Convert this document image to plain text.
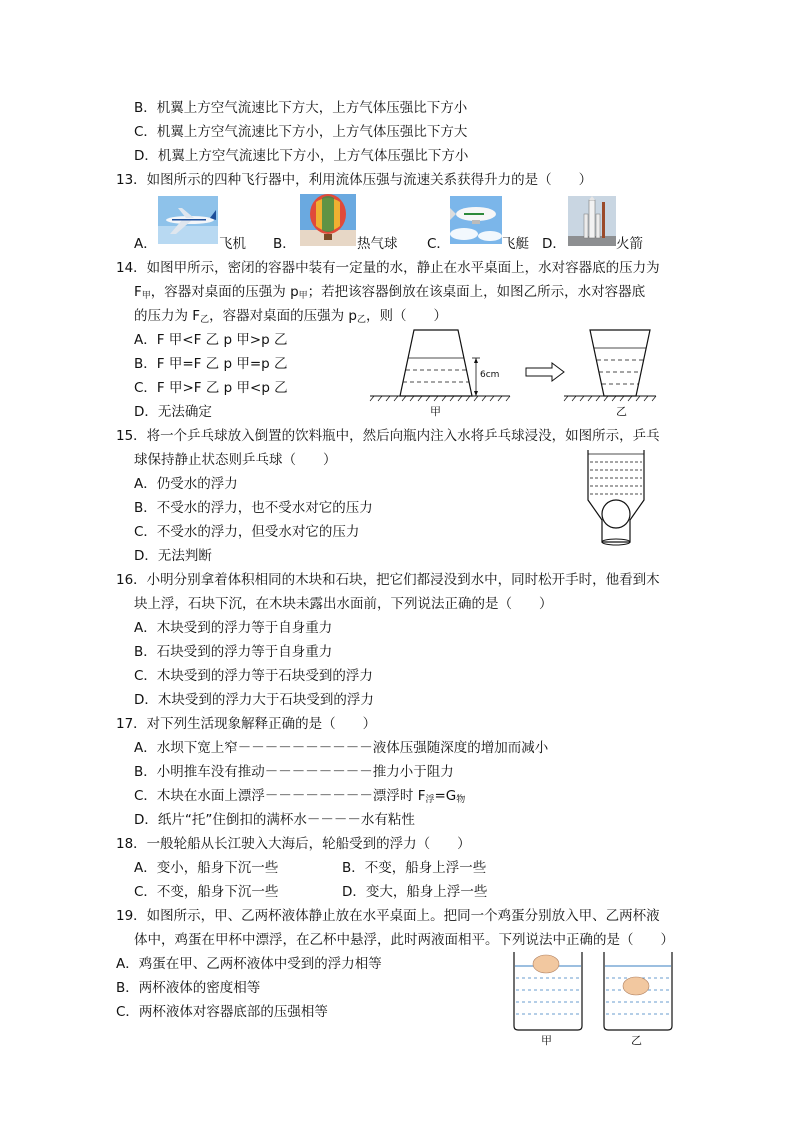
B．机翼上方空气流速比下方大，上方气体压强比下方小
C．机翼上方空气流速比下方小，上方气体压强比下方大
D．机翼上方空气流速比下方小，上方气体压强比下方小
13．如图所示的四种飞行器中，利用流体压强与流速关系获得升力的是（　　）
A．	飞机 B．	热气球 C．	飞艇 D．	火箭
14．如图甲所示，密闭的容器中装有一定量的水，静止在水平桌面上，水对容器底的压力为
$F_甲$，容器对桌面的压强为 $p_甲$；若把该容器倒放在该桌面上，如图乙所示，水对容器底
的压力为 $F_乙$，容器对桌面的压强为 $p_乙$，则（　　）
A．F 甲<F 乙 p 甲>p 乙
B．F 甲=F 乙 p 甲=p 乙
C．F 甲>F 乙 p 甲<p 乙
D．无法确定
6cm
甲	乙
15．将一个乒乓球放入倒置的饮料瓶中，然后向瓶内注入水将乒乓球浸没，如图所示，乒乓
球保持静止状态则乒乓球（　　）
A．仍受水的浮力
B．不受水的浮力，也不受水对它的压力
C．不受水的浮力，但受水对它的压力
D．无法判断
16．小明分别拿着体积相同的木块和石块，把它们都浸没到水中，同时松开手时，他看到木
块上浮，石块下沉，在木块未露出水面前，下列说法正确的是（　　）
A．木块受到的浮力等于自身重力
B．石块受到的浮力等于自身重力
C．木块受到的浮力等于石块受到的浮力
D．木块受到的浮力大于石块受到的浮力
17．对下列生活现象解释正确的是（　　）
A．水坝下宽上窄－－－－－－－－－－液体压强随深度的增加而减小
B．小明推车没有推动－－－－－－－－推力小于阻力
C．木块在水面上漂浮－－－－－－－－漂浮时 $F_浮=G_物$
D．纸片“托”住倒扣的满杯水－－－－水有粘性
18．一般轮船从长江驶入大海后，轮船受到的浮力（　　）
A．变小，船身下沉一些	B．不变，船身上浮一些
C．不变，船身下沉一些	D．变大，船身上浮一些
19．如图所示，甲、乙两杯液体静止放在水平桌面上。把同一个鸡蛋分别放入甲、乙两杯液
体中，鸡蛋在甲杯中漂浮，在乙杯中悬浮，此时两液面相平。下列说法中正确的是（　　）
A．鸡蛋在甲、乙两杯液体中受到的浮力相等
B．两杯液体的密度相等
C．两杯液体对容器底部的压强相等
甲	乙
